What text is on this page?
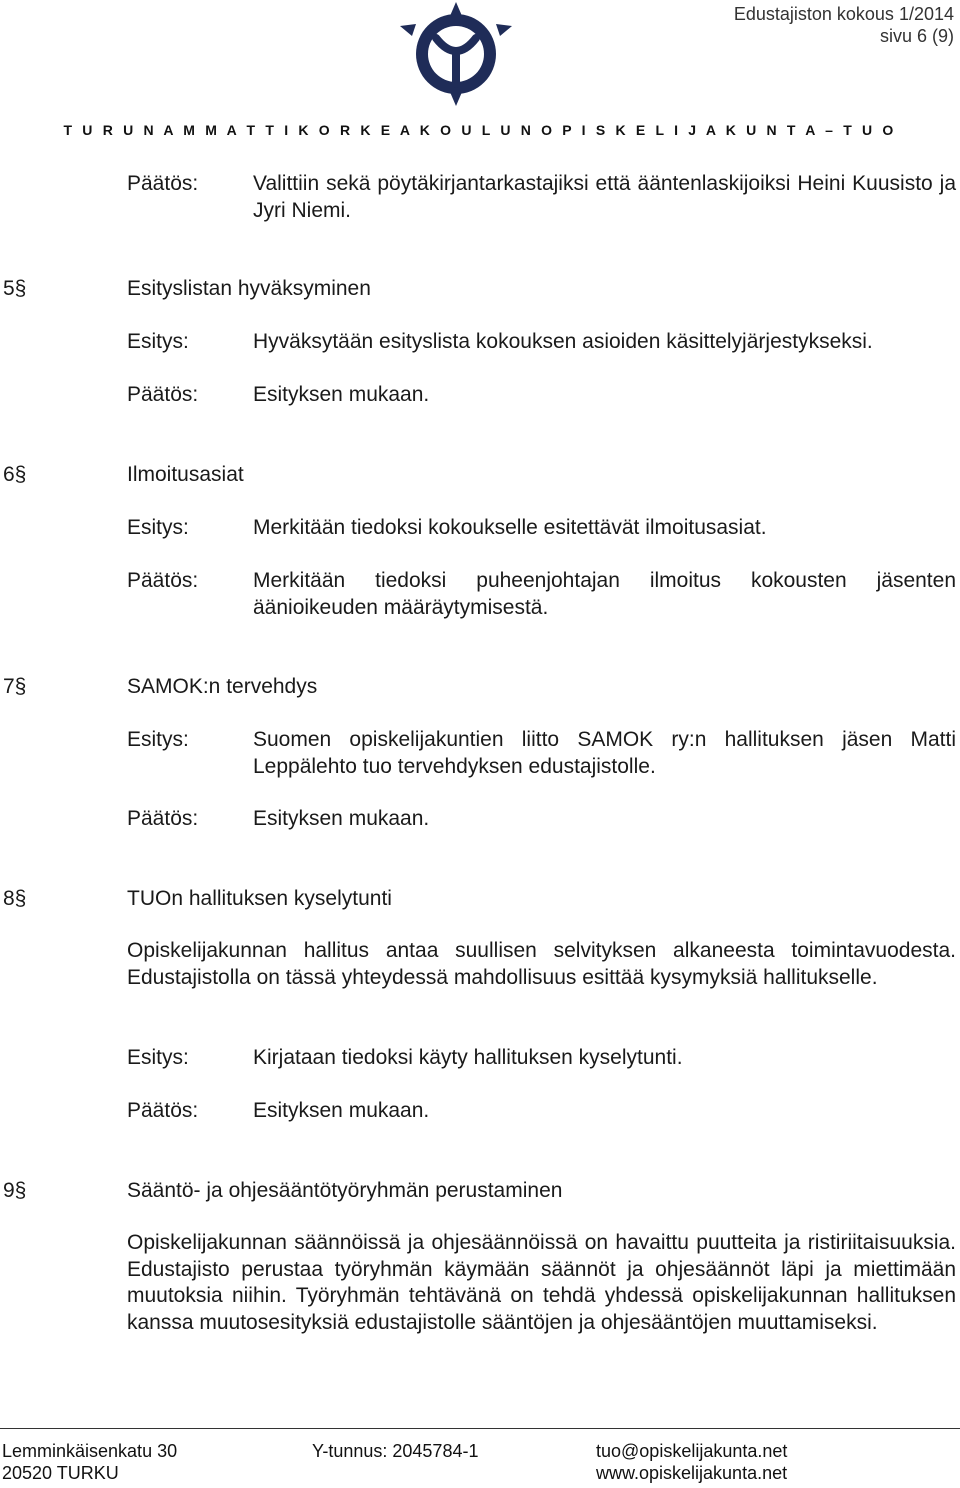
Edustajiston kokous 1/2014
sivu 6 (9)
T U R U N A M M A T T I K O R K E A K O U L U N O P I S K E L I J A K U N T A – T U O
Päätös:	Valittiin sekä pöytäkirjantarkastajiksi että ääntenlaskijoiksi Heini Kuusisto ja Jyri Niemi.
5§	Esityslistan hyväksyminen
Esitys:	Hyväksytään esityslista kokouksen asioiden käsittelyjärjestykseksi.
Päätös:	Esityksen mukaan.
6§	Ilmoitusasiat
Esitys:	Merkitään tiedoksi kokoukselle esitettävät ilmoitusasiat.
Päätös:	Merkitään tiedoksi puheenjohtajan ilmoitus kokousten jäsenten äänioikeuden määräytymisestä.
7§	SAMOK:n tervehdys
Esitys:	Suomen opiskelijakuntien liitto SAMOK ry:n hallituksen jäsen Matti Leppälehto tuo tervehdyksen edustajistolle.
Päätös:	Esityksen mukaan.
8§	TUOn hallituksen kyselytunti
Opiskelijakunnan hallitus antaa suullisen selvityksen alkaneesta toimintavuodesta. Edustajistolla on tässä yhteydessä mahdollisuus esittää kysymyksiä hallitukselle.
Esitys:	Kirjataan tiedoksi käyty hallituksen kyselytunti.
Päätös:	Esityksen mukaan.
9§	Sääntö- ja ohjesääntötyöryhmän perustaminen
Opiskelijakunnan säännöissä ja ohjesäännöissä on havaittu puutteita ja ristiriitaisuuksia. Edustajisto perustaa työryhmän käymään säännöt ja ohjesäännöt läpi ja miettimään muutoksia niihin. Työryhmän tehtävänä on tehdä yhdessä opiskelijakunnan hallituksen kanssa muutosesityksiä edustajistolle sääntöjen ja ohjesääntöjen muuttamiseksi.
Lemminkäisenkatu 30
20520 TURKU
Y-tunnus: 2045784-1	tuo@opiskelijakunta.net
www.opiskelijakunta.net
